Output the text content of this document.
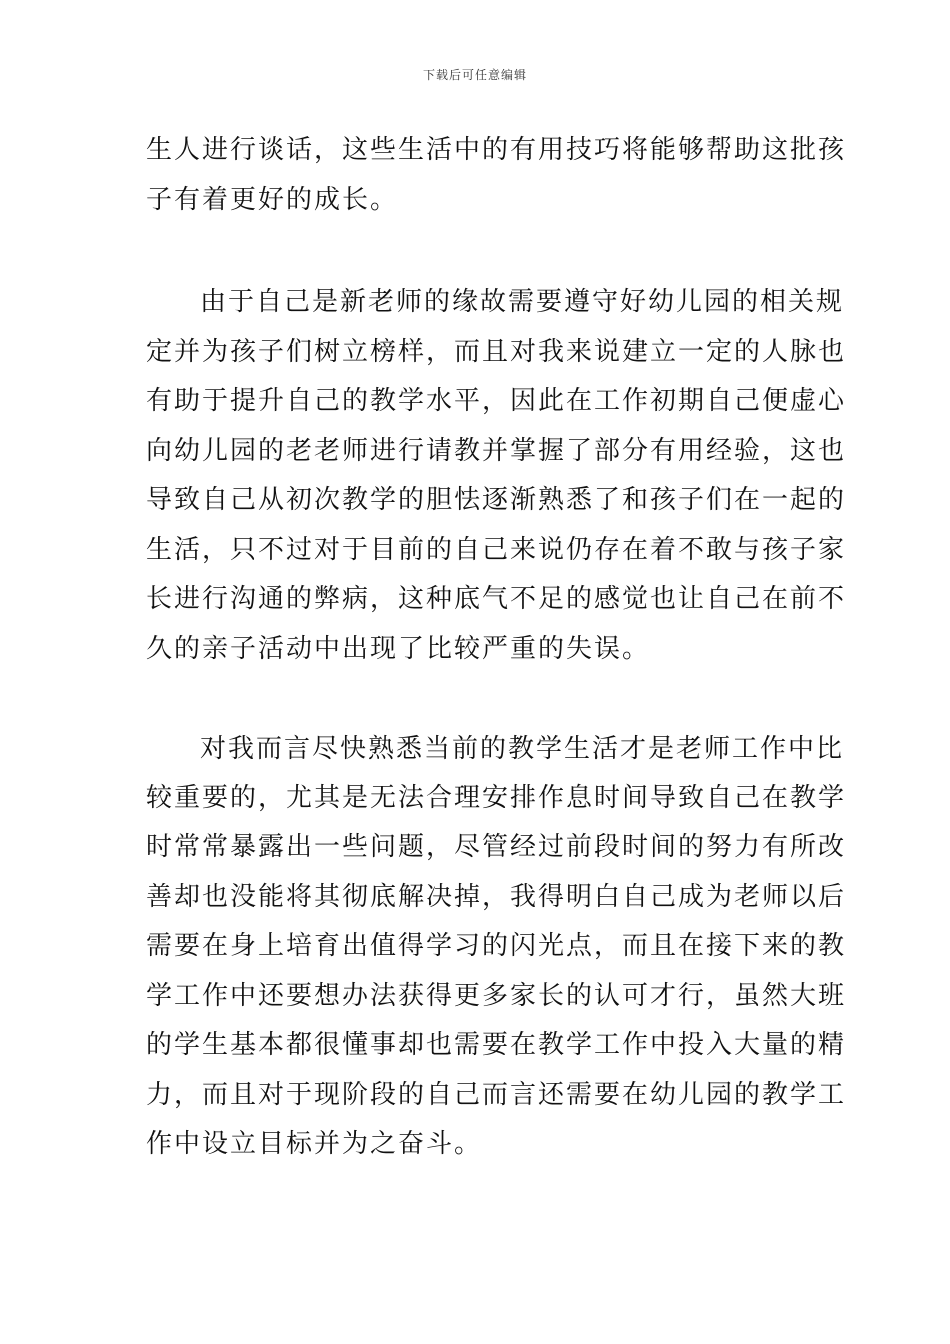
下载后可任意编辑
生人进行谈话，这些生活中的有用技巧将能够帮助这批孩
子有着更好的成长。
由于自己是新老师的缘故需要遵守好幼儿园的相关规
定并为孩子们树立榜样，而且对我来说建立一定的人脉也
有助于提升自己的教学水平，因此在工作初期自己便虚心
向幼儿园的老老师进行请教并掌握了部分有用经验，这也
导致自己从初次教学的胆怯逐渐熟悉了和孩子们在一起的
生活，只不过对于目前的自己来说仍存在着不敢与孩子家
长进行沟通的弊病，这种底气不足的感觉也让自己在前不
久的亲子活动中出现了比较严重的失误。
对我而言尽快熟悉当前的教学生活才是老师工作中比
较重要的，尤其是无法合理安排作息时间导致自己在教学
时常常暴露出一些问题，尽管经过前段时间的努力有所改
善却也没能将其彻底解决掉，我得明白自己成为老师以后
需要在身上培育出值得学习的闪光点，而且在接下来的教
学工作中还要想办法获得更多家长的认可才行，虽然大班
的学生基本都很懂事却也需要在教学工作中投入大量的精
力，而且对于现阶段的自己而言还需要在幼儿园的教学工
作中设立目标并为之奋斗。
